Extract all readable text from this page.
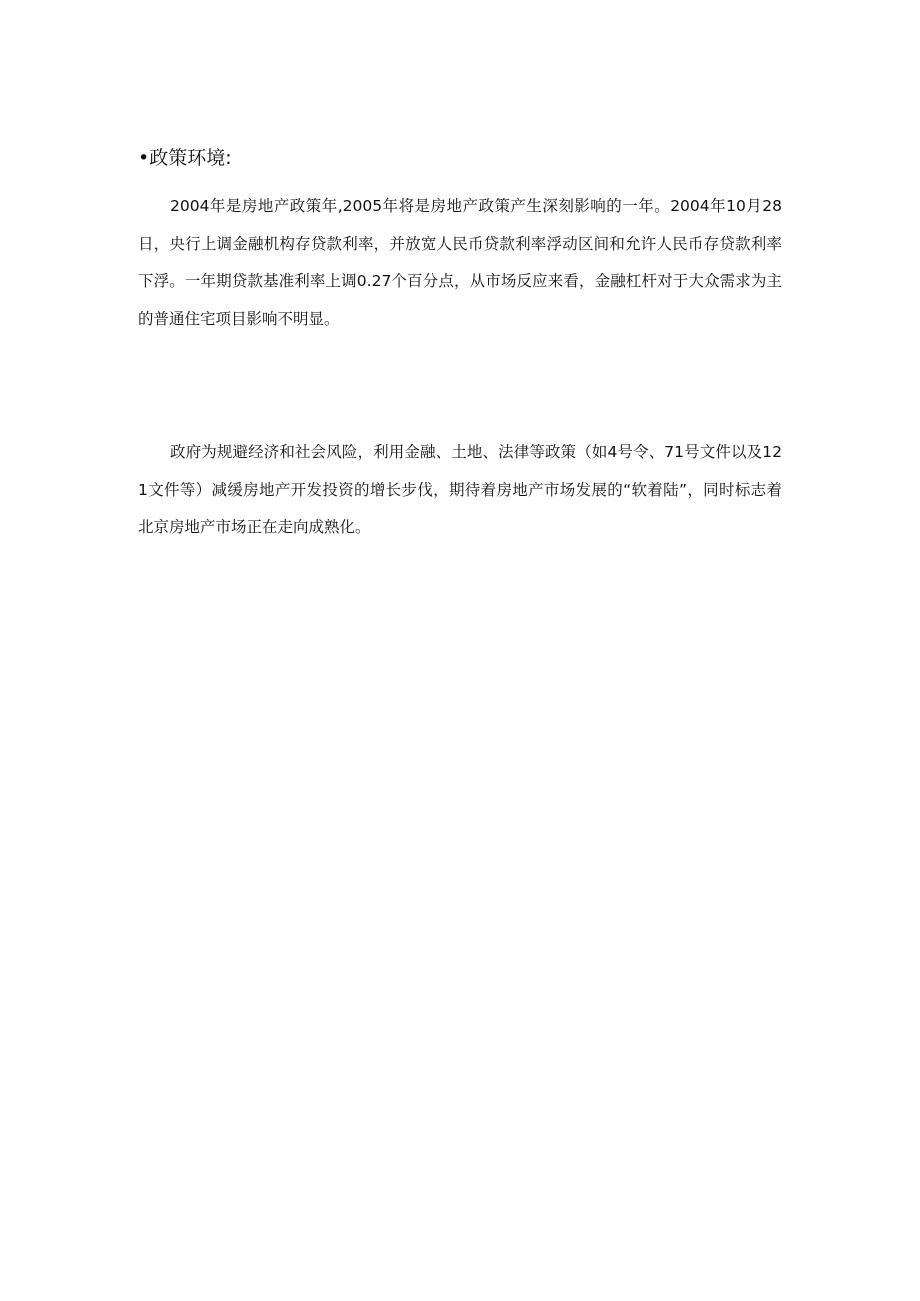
•政策环境:

2004年是房地产政策年,2005年将是房地产政策产生深刻影响的一年。2004年10月28日，央行上调金融机构存贷款利率，并放宽人民币贷款利率浮动区间和允许人民币存贷款利率下浮。一年期贷款基准利率上调0.27个百分点，从市场反应来看，金融杠杆对于大众需求为主的普通住宅项目影响不明显。

政府为规避经济和社会风险，利用金融、土地、法律等政策（如4号令、71号文件以及121文件等）减缓房地产开发投资的增长步伐，期待着房地产市场发展的“软着陆”，同时标志着北京房地产市场正在走向成熟化。
